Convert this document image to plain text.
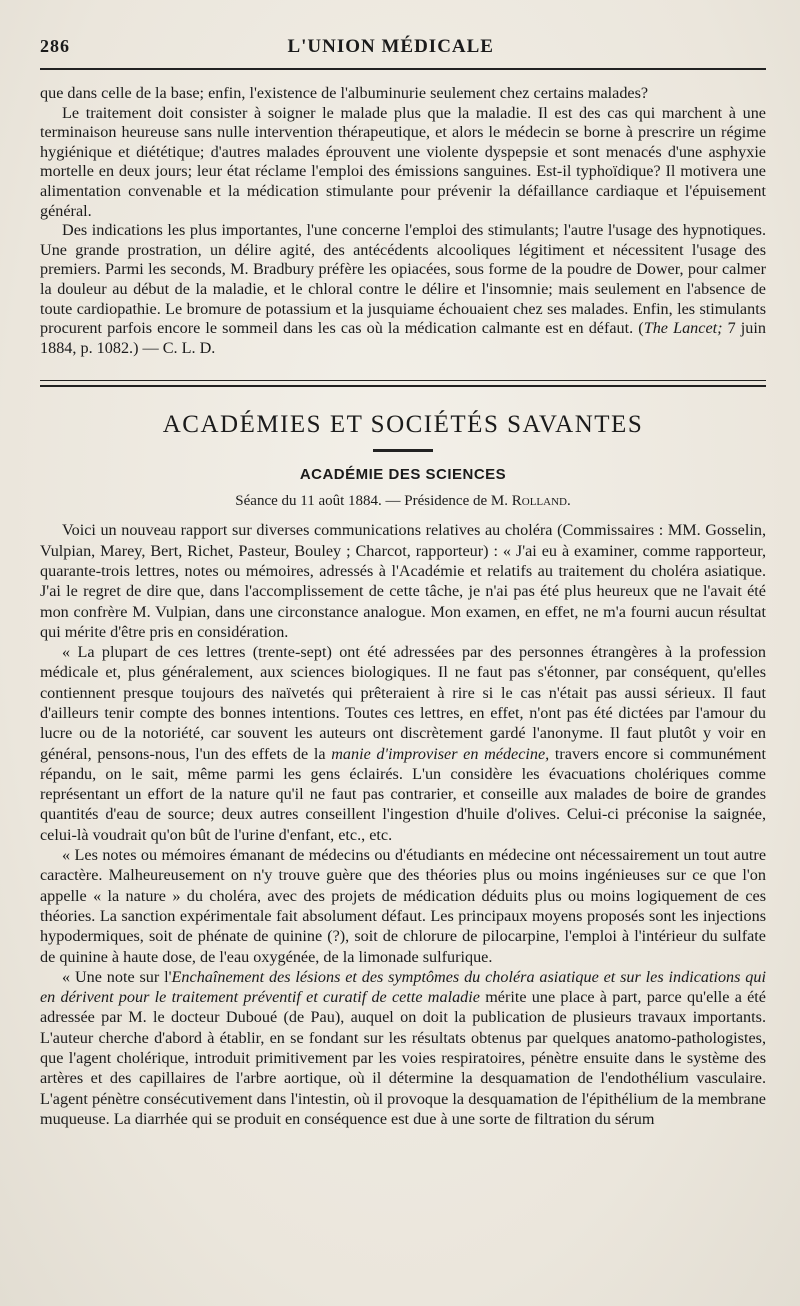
286	L'UNION MÉDICALE

que dans celle de la base; enfin, l'existence de l'albuminurie seulement chez certains malades?

Le traitement doit consister à soigner le malade plus que la maladie. Il est des cas qui marchent à une terminaison heureuse sans nulle intervention thérapeutique, et alors le médecin se borne à prescrire un régime hygiénique et diététique; d'autres malades éprouvent une violente dyspepsie et sont menacés d'une asphyxie mortelle en deux jours; leur état réclame l'emploi des émissions sanguines. Est-il typhoïdique? Il motivera une alimentation convenable et la médication stimulante pour prévenir la défaillance cardiaque et l'épuisement général.

Des indications les plus importantes, l'une concerne l'emploi des stimulants; l'autre l'usage des hypnotiques. Une grande prostration, un délire agité, des antécédents alcooliques légitiment et nécessitent l'usage des premiers. Parmi les seconds, M. Bradbury préfère les opiacées, sous forme de la poudre de Dower, pour calmer la douleur au début de la maladie, et le chloral contre le délire et l'insomnie; mais seulement en l'absence de toute cardiopathie. Le bromure de potassium et la jusquiame échouaient chez ses malades. Enfin, les stimulants procurent parfois encore le sommeil dans les cas où la médication calmante est en défaut. (The Lancet; 7 juin 1884, p. 1082.) — C. L. D.

ACADÉMIES ET SOCIÉTÉS SAVANTES
ACADÉMIE DES SCIENCES
Séance du 11 août 1884. — Présidence de M. Rolland.

Voici un nouveau rapport sur diverses communications relatives au choléra (Commissaires : MM. Gosselin, Vulpian, Marey, Bert, Richet, Pasteur, Bouley ; Charcot, rapporteur) : « J'ai eu à examiner, comme rapporteur, quarante-trois lettres, notes ou mémoires, adressés à l'Académie et relatifs au traitement du choléra asiatique. J'ai le regret de dire que, dans l'accomplissement de cette tâche, je n'ai pas été plus heureux que ne l'avait été mon confrère M. Vulpian, dans une circonstance analogue. Mon examen, en effet, ne m'a fourni aucun résultat qui mérite d'être pris en considération.

« La plupart de ces lettres (trente-sept) ont été adressées par des personnes étrangères à la profession médicale et, plus généralement, aux sciences biologiques. Il ne faut pas s'étonner, par conséquent, qu'elles contiennent presque toujours des naïvetés qui prêteraient à rire si le cas n'était pas aussi sérieux. Il faut d'ailleurs tenir compte des bonnes intentions. Toutes ces lettres, en effet, n'ont pas été dictées par l'amour du lucre ou de la notoriété, car souvent les auteurs ont discrètement gardé l'anonyme. Il faut plutôt y voir en général, pensons-nous, l'un des effets de la manie d'improviser en médecine, travers encore si communément répandu, on le sait, même parmi les gens éclairés. L'un considère les évacuations cholériques comme représentant un effort de la nature qu'il ne faut pas contrarier, et conseille aux malades de boire de grandes quantités d'eau de source; deux autres conseillent l'ingestion d'huile d'olives. Celui-ci préconise la saignée, celui-là voudrait qu'on bût de l'urine d'enfant, etc., etc.

« Les notes ou mémoires émanant de médecins ou d'étudiants en médecine ont nécessairement un tout autre caractère. Malheureusement on n'y trouve guère que des théories plus ou moins ingénieuses sur ce que l'on appelle « la nature » du choléra, avec des projets de médication déduits plus ou moins logiquement de ces théories. La sanction expérimentale fait absolument défaut. Les principaux moyens proposés sont les injections hypodermiques, soit de phénate de quinine (?), soit de chlorure de pilocarpine, l'emploi à l'intérieur du sulfate de quinine à haute dose, de l'eau oxygénée, de la limonade sulfurique.

« Une note sur l'Enchaînement des lésions et des symptômes du choléra asiatique et sur les indications qui en dérivent pour le traitement préventif et curatif de cette maladie mérite une place à part, parce qu'elle a été adressée par M. le docteur Duboué (de Pau), auquel on doit la publication de plusieurs travaux importants. L'auteur cherche d'abord à établir, en se fondant sur les résultats obtenus par quelques anatomo-pathologistes, que l'agent cholérique, introduit primitivement par les voies respiratoires, pénètre ensuite dans le système des artères et des capillaires de l'arbre aortique, où il détermine la desquamation de l'endothélium vasculaire. L'agent pénètre consécutivement dans l'intestin, où il provoque la desquamation de l'épithélium de la membrane muqueuse. La diarrhée qui se produit en conséquence est due à une sorte de filtration du sérum
